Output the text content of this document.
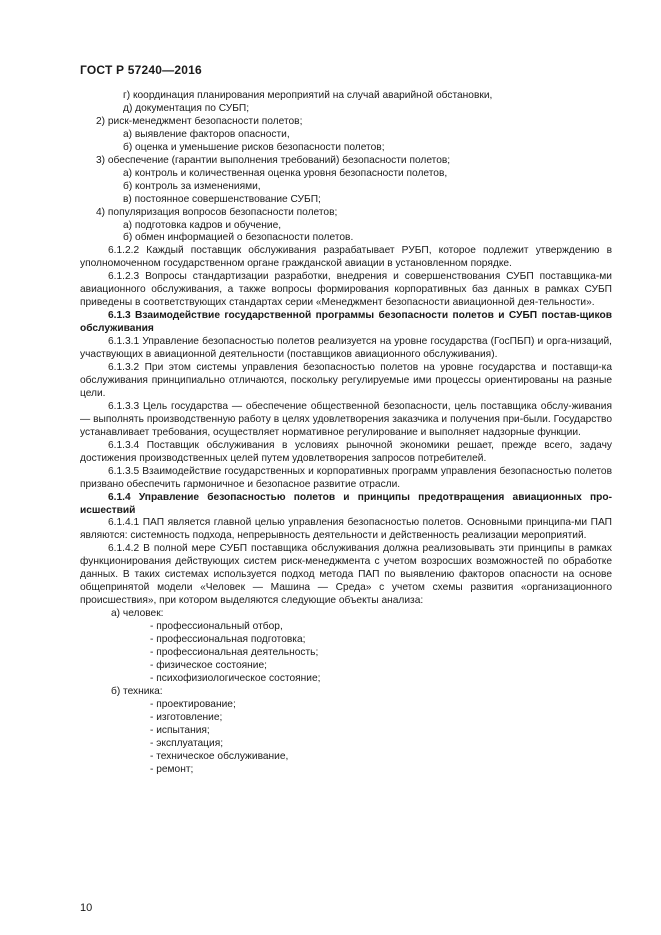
ГОСТ Р 57240—2016

г) координация планирования мероприятий на случай аварийной обстановки,

д) документация по СУБП;

2) риск-менеджмент безопасности полетов;

а) выявление факторов опасности,

б) оценка и уменьшение рисков безопасности полетов;

3) обеспечение (гарантии выполнения требований) безопасности полетов;

а) контроль и количественная оценка уровня безопасности полетов,

б) контроль за изменениями,

в) постоянное совершенствование СУБП;

4) популяризация вопросов безопасности полетов;

а) подготовка кадров и обучение,

б) обмен информацией о безопасности полетов.

6.1.2.2 Каждый поставщик обслуживания разрабатывает РУБП, которое подлежит утверждению в уполномоченном государственном органе гражданской авиации в установленном порядке.

6.1.2.3 Вопросы стандартизации разработки, внедрения и совершенствования СУБП поставщика-ми авиационного обслуживания, а также вопросы формирования корпоративных баз данных в рамках СУБП приведены в соответствующих стандартах серии «Менеджмент безопасности авиационной дея-тельности».

6.1.3 Взаимодействие государственной программы безопасности полетов и СУБП постав-щиков обслуживания

6.1.3.1 Управление безопасностью полетов реализуется на уровне государства (ГосПБП) и орга-низаций, участвующих в авиационной деятельности (поставщиков авиационного обслуживания).

6.1.3.2 При этом системы управления безопасностью полетов на уровне государства и поставщи-ка обслуживания принципиально отличаются, поскольку регулируемые ими процессы ориентированы на разные цели.

6.1.3.3 Цель государства — обеспечение общественной безопасности, цель поставщика обслу-живания — выполнять производственную работу в целях удовлетворения заказчика и получения при-были. Государство устанавливает требования, осуществляет нормативное регулирование и выполняет надзорные функции.

6.1.3.4 Поставщик обслуживания в условиях рыночной экономики решает, прежде всего, задачу достижения производственных целей путем удовлетворения запросов потребителей.

6.1.3.5 Взаимодействие государственных и корпоративных программ управления безопасностью полетов призвано обеспечить гармоничное и безопасное развитие отрасли.

6.1.4 Управление безопасностью полетов и принципы предотвращения авиационных про-исшествий

6.1.4.1 ПАП является главной целью управления безопасностью полетов. Основными принципа-ми ПАП являются: системность подхода, непрерывность деятельности и действенность реализации мероприятий.

6.1.4.2 В полной мере СУБП поставщика обслуживания должна реализовывать эти принципы в рамках функционирования действующих систем риск-менеджмента с учетом возросших возможностей по обработке данных. В таких системах используется подход метода ПАП по выявлению факторов опасности на основе общепринятой модели «Человек — Машина — Среда» с учетом схемы развития «организационного происшествия», при котором выделяются следующие объекты анализа:

а) человек:

- профессиональный отбор,

- профессиональная подготовка;

- профессиональная деятельность;

- физическое состояние;

- психофизиологическое состояние;

б) техника:

- проектирование;

- изготовление;

- испытания;

- эксплуатация;

- техническое обслуживание,

- ремонт;

10
